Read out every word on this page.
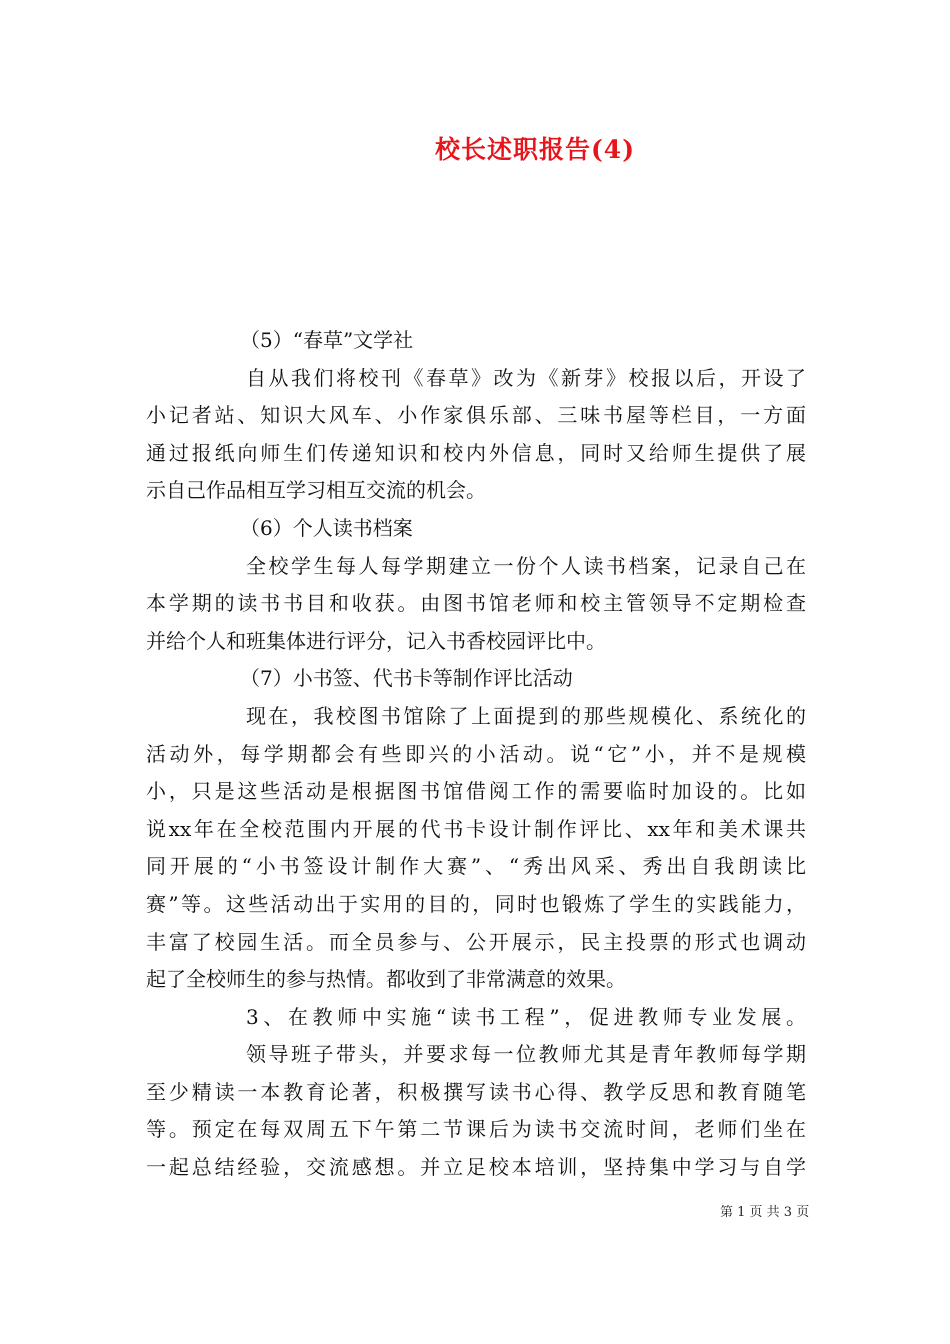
校长述职报告(4)
（5）“春草”文学社
自从我们将校刊《春草》改为《新芽》校报以后，开设了
小记者站、知识大风车、小作家俱乐部、三味书屋等栏目，一方面
通过报纸向师生们传递知识和校内外信息，同时又给师生提供了展
示自己作品相互学习相互交流的机会。
（6）个人读书档案
全校学生每人每学期建立一份个人读书档案，记录自己在
本学期的读书书目和收获。由图书馆老师和校主管领导不定期检查
并给个人和班集体进行评分，记入书香校园评比中。
（7）小书签、代书卡等制作评比活动
现在，我校图书馆除了上面提到的那些规模化、系统化的
活动外，每学期都会有些即兴的小活动。说“它”小，并不是规模
小，只是这些活动是根据图书馆借阅工作的需要临时加设的。比如
说xx年在全校范围内开展的代书卡设计制作评比、xx年和美术课共
同开展的“小书签设计制作大赛”、“秀出风采、秀出自我朗读比
赛”等。这些活动出于实用的目的，同时也锻炼了学生的实践能力，
丰富了校园生活。而全员参与、公开展示，民主投票的形式也调动
起了全校师生的参与热情。都收到了非常满意的效果。
3、在教师中实施“读书工程”，促进教师专业发展。
领导班子带头，并要求每一位教师尤其是青年教师每学期
至少精读一本教育论著，积极撰写读书心得、教学反思和教育随笔
等。预定在每双周五下午第二节课后为读书交流时间，老师们坐在
一起总结经验，交流感想。并立足校本培训，坚持集中学习与自学
第 1 页 共 3 页
